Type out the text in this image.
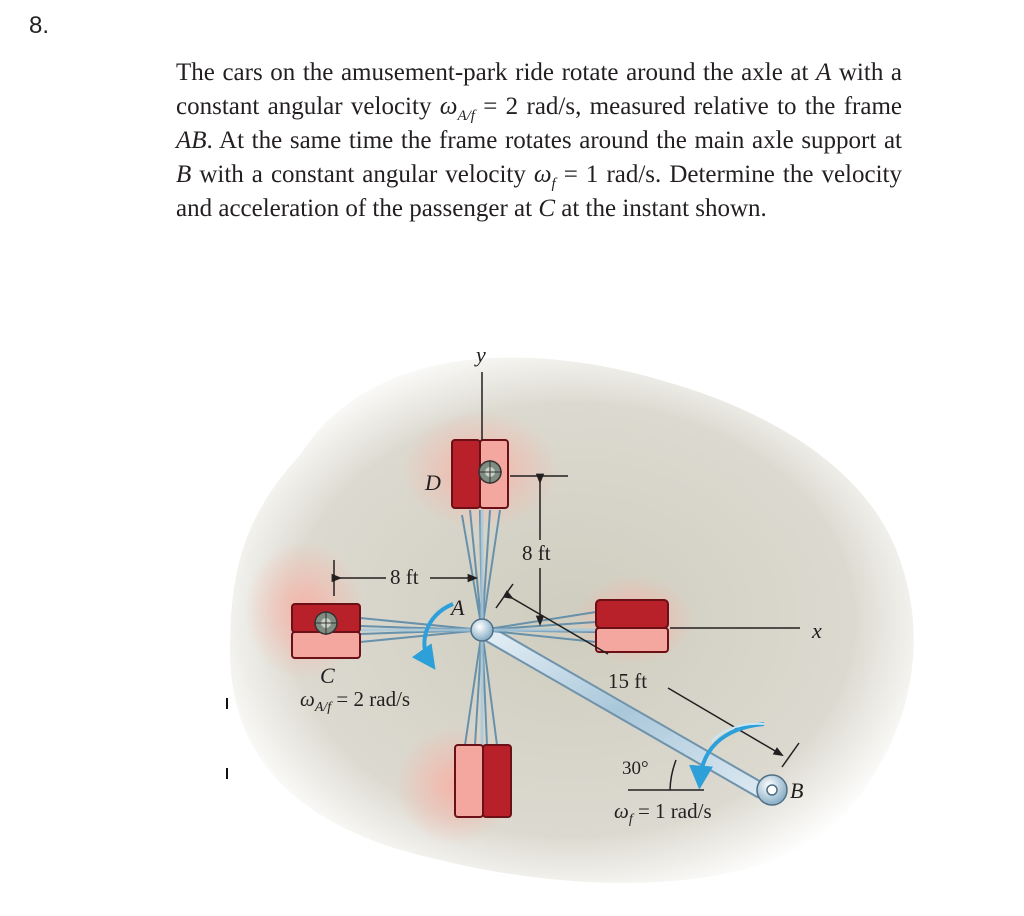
8.
The cars on the amusement-park ride rotate around the axle at A with a constant angular velocity $\omega_{A/f} = 2$ rad/s, measured relative to the frame AB. At the same time the frame rotates around the main axle support at B with a constant angular velocity $\omega_f = 1$ rad/s. Determine the velocity and acceleration of the passenger at C at the instant shown.
y
x
D
A
C
B
8 ft
8 ft
15 ft
30°
$\omega_{A/f} = 2$ rad/s
$\omega_f = 1$ rad/s
